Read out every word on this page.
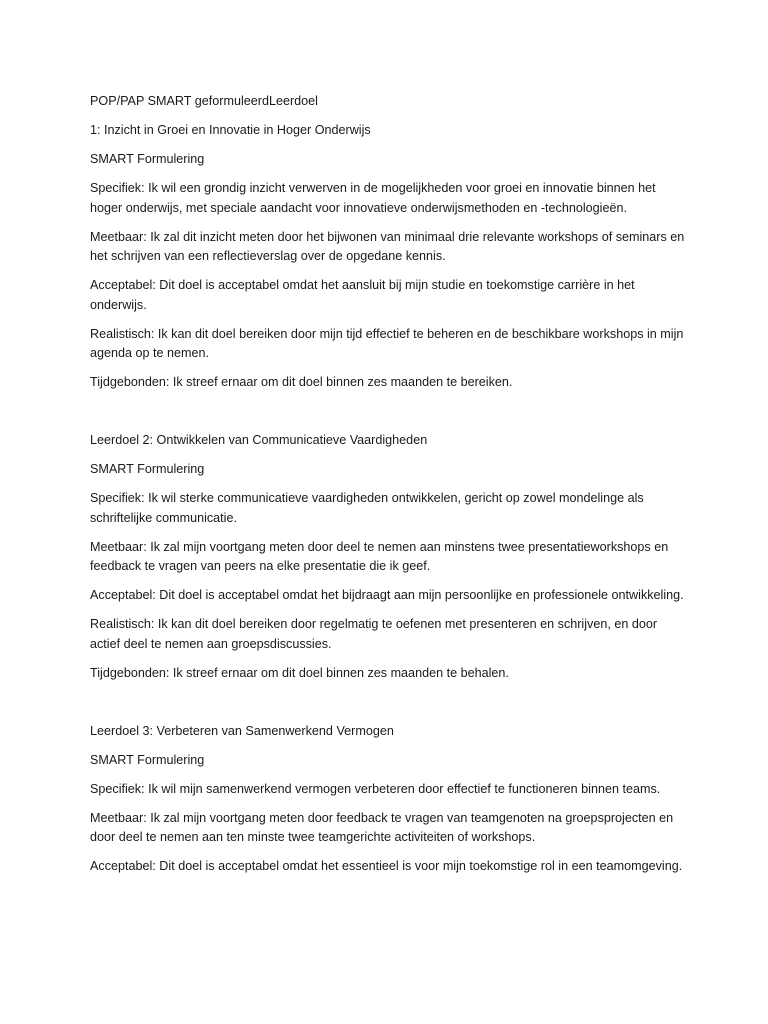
POP/PAP SMART geformuleerdLeerdoel

1: Inzicht in Groei en Innovatie in Hoger Onderwijs

SMART Formulering

Specifiek: Ik wil een grondig inzicht verwerven in de mogelijkheden voor groei en innovatie binnen het hoger onderwijs, met speciale aandacht voor innovatieve onderwijsmethoden en -technologieën.

Meetbaar: Ik zal dit inzicht meten door het bijwonen van minimaal drie relevante workshops of seminars en het schrijven van een reflectieverslag over de opgedane kennis.

Acceptabel: Dit doel is acceptabel omdat het aansluit bij mijn studie en toekomstige carrière in het onderwijs.

Realistisch: Ik kan dit doel bereiken door mijn tijd effectief te beheren en de beschikbare workshops in mijn agenda op te nemen.

Tijdgebonden: Ik streef ernaar om dit doel binnen zes maanden te bereiken.

Leerdoel 2: Ontwikkelen van Communicatieve Vaardigheden

SMART Formulering

Specifiek: Ik wil sterke communicatieve vaardigheden ontwikkelen, gericht op zowel mondelinge als schriftelijke communicatie.

Meetbaar: Ik zal mijn voortgang meten door deel te nemen aan minstens twee presentatieworkshops en feedback te vragen van peers na elke presentatie die ik geef.

Acceptabel: Dit doel is acceptabel omdat het bijdraagt aan mijn persoonlijke en professionele ontwikkeling.

Realistisch: Ik kan dit doel bereiken door regelmatig te oefenen met presenteren en schrijven, en door actief deel te nemen aan groepsdiscussies.

Tijdgebonden: Ik streef ernaar om dit doel binnen zes maanden te behalen.

Leerdoel 3: Verbeteren van Samenwerkend Vermogen

SMART Formulering

Specifiek: Ik wil mijn samenwerkend vermogen verbeteren door effectief te functioneren binnen teams.

Meetbaar: Ik zal mijn voortgang meten door feedback te vragen van teamgenoten na groepsprojecten en door deel te nemen aan ten minste twee teamgerichte activiteiten of workshops.

Acceptabel: Dit doel is acceptabel omdat het essentieel is voor mijn toekomstige rol in een teamomgeving.
